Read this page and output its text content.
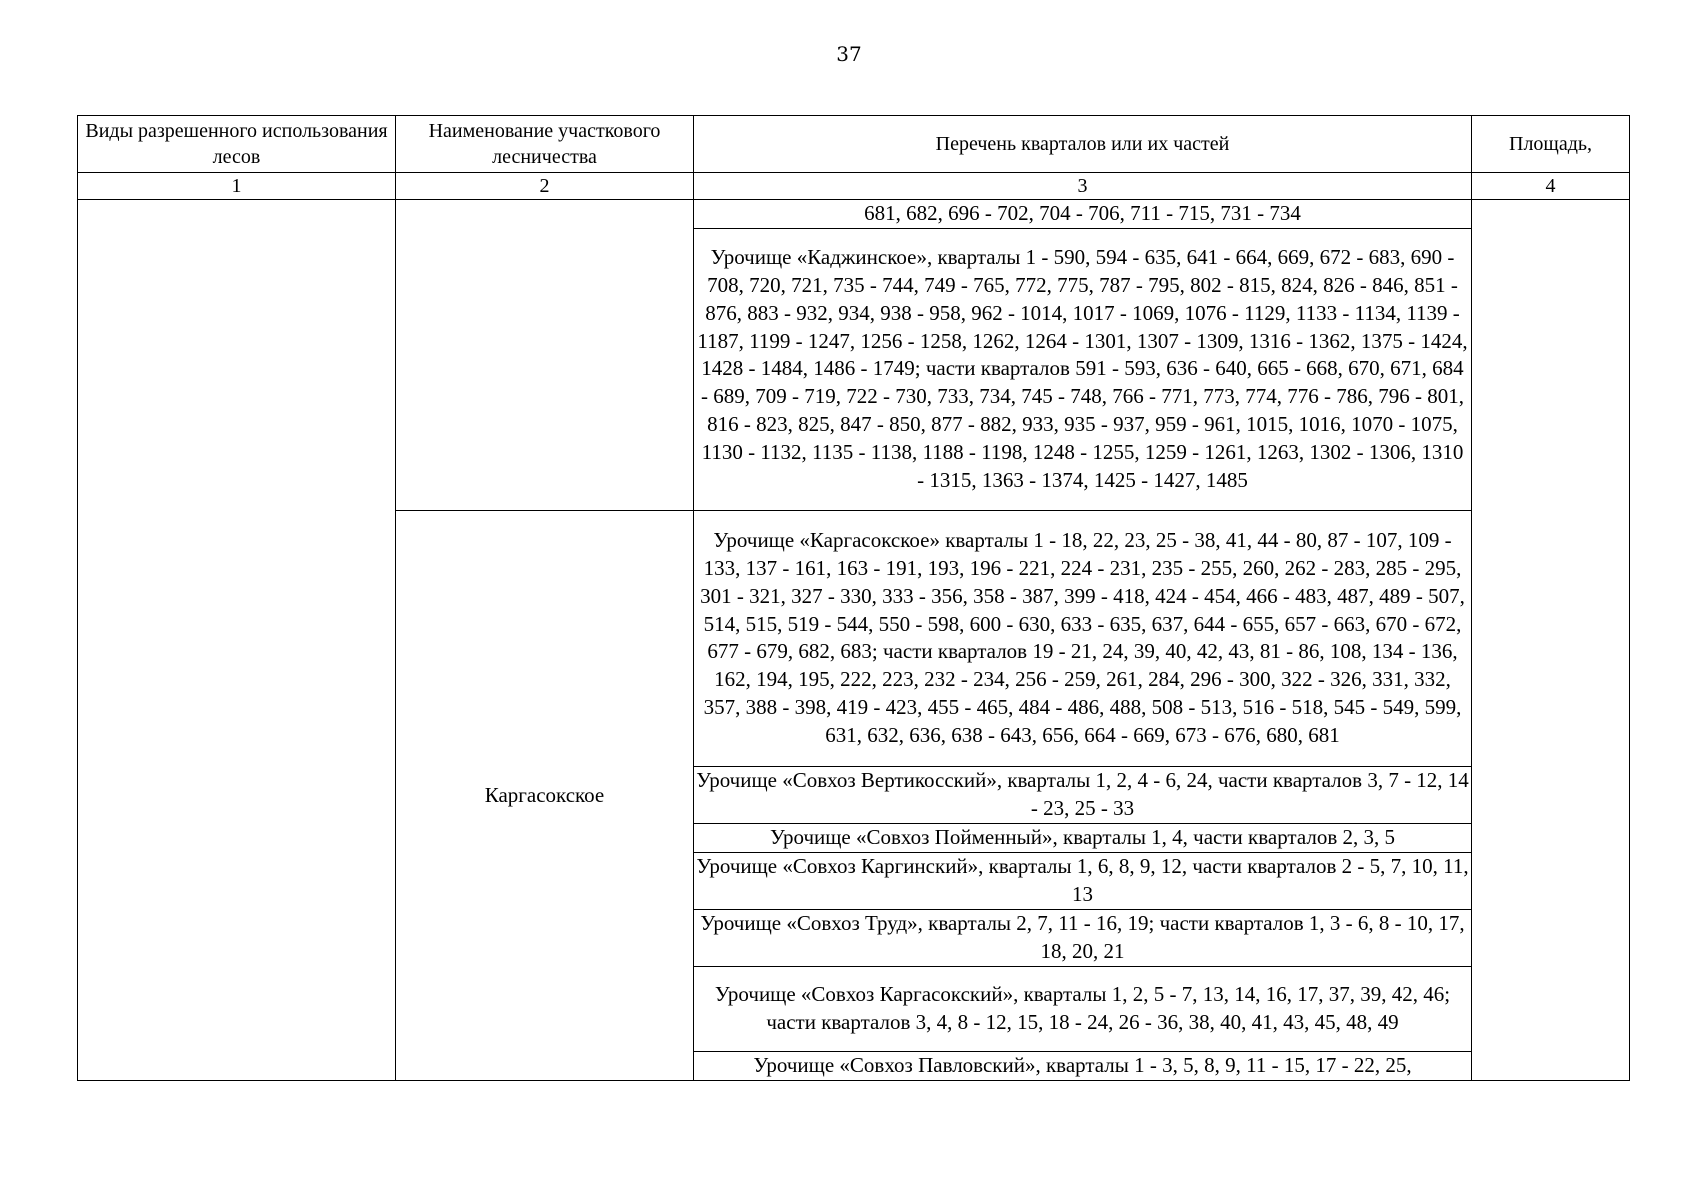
37
Виды разрешенного использования лесов	Наименование участкового лесничества	Перечень кварталов или их частей	Площадь,
1	2	3	4
		681, 682, 696 - 702, 704 - 706, 711 - 715, 731 - 734	
		Урочище «Каджинское», кварталы 1 - 590, 594 - 635, 641 - 664, 669, 672 - 683, 690 - 708, 720, 721, 735 - 744, 749 - 765, 772, 775, 787 - 795, 802 - 815, 824, 826 - 846, 851 - 876, 883 - 932, 934, 938 - 958, 962 - 1014, 1017 - 1069, 1076 - 1129, 1133 - 1134, 1139 - 1187, 1199 - 1247, 1256 - 1258, 1262, 1264 - 1301, 1307 - 1309, 1316 - 1362, 1375 - 1424, 1428 - 1484, 1486 - 1749; части кварталов 591 - 593, 636 - 640, 665 - 668, 670, 671, 684 - 689, 709 - 719, 722 - 730, 733, 734, 745 - 748, 766 - 771, 773, 774, 776 - 786, 796 - 801, 816 - 823, 825, 847 - 850, 877 - 882, 933, 935 - 937, 959 - 961, 1015, 1016, 1070 - 1075, 1130 - 1132, 1135 - 1138, 1188 - 1198, 1248 - 1255, 1259 - 1261, 1263, 1302 - 1306, 1310 - 1315, 1363 - 1374, 1425 - 1427, 1485	
	Каргасокское	Урочище «Каргасокское» кварталы 1 - 18, 22, 23, 25 - 38, 41, 44 - 80, 87 - 107, 109 - 133, 137 - 161, 163 - 191, 193, 196 - 221, 224 - 231, 235 - 255, 260, 262 - 283, 285 - 295, 301 - 321, 327 - 330, 333 - 356, 358 - 387, 399 - 418, 424 - 454, 466 - 483, 487, 489 - 507, 514, 515, 519 - 544, 550 - 598, 600 - 630, 633 - 635, 637, 644 - 655, 657 - 663, 670 - 672, 677 - 679, 682, 683; части кварталов 19 - 21, 24, 39, 40, 42, 43, 81 - 86, 108, 134 - 136, 162, 194, 195, 222, 223, 232 - 234, 256 - 259, 261, 284, 296 - 300, 322 - 326, 331, 332, 357, 388 - 398, 419 - 423, 455 - 465, 484 - 486, 488, 508 - 513, 516 - 518, 545 - 549, 599, 631, 632, 636, 638 - 643, 656, 664 - 669, 673 - 676, 680, 681	
		Урочище «Совхоз Вертикосский», кварталы 1, 2, 4 - 6, 24, части кварталов 3, 7 - 12, 14 - 23, 25 - 33	
		Урочище «Совхоз Пойменный», кварталы 1, 4, части кварталов 2, 3, 5	
		Урочище «Совхоз Каргинский», кварталы 1, 6, 8, 9, 12, части кварталов 2 - 5, 7, 10, 11, 13	
		Урочище «Совхоз Труд», кварталы 2, 7, 11 - 16, 19; части кварталов 1, 3 - 6, 8 - 10, 17, 18, 20, 21	
		Урочище «Совхоз Каргасокский», кварталы 1, 2, 5 - 7, 13, 14, 16, 17, 37, 39, 42, 46; части кварталов 3, 4, 8 - 12, 15, 18 - 24, 26 - 36, 38, 40, 41, 43, 45, 48, 49	
		Урочище «Совхоз Павловский», кварталы 1 - 3, 5, 8, 9, 11 - 15, 17 - 22, 25,	
